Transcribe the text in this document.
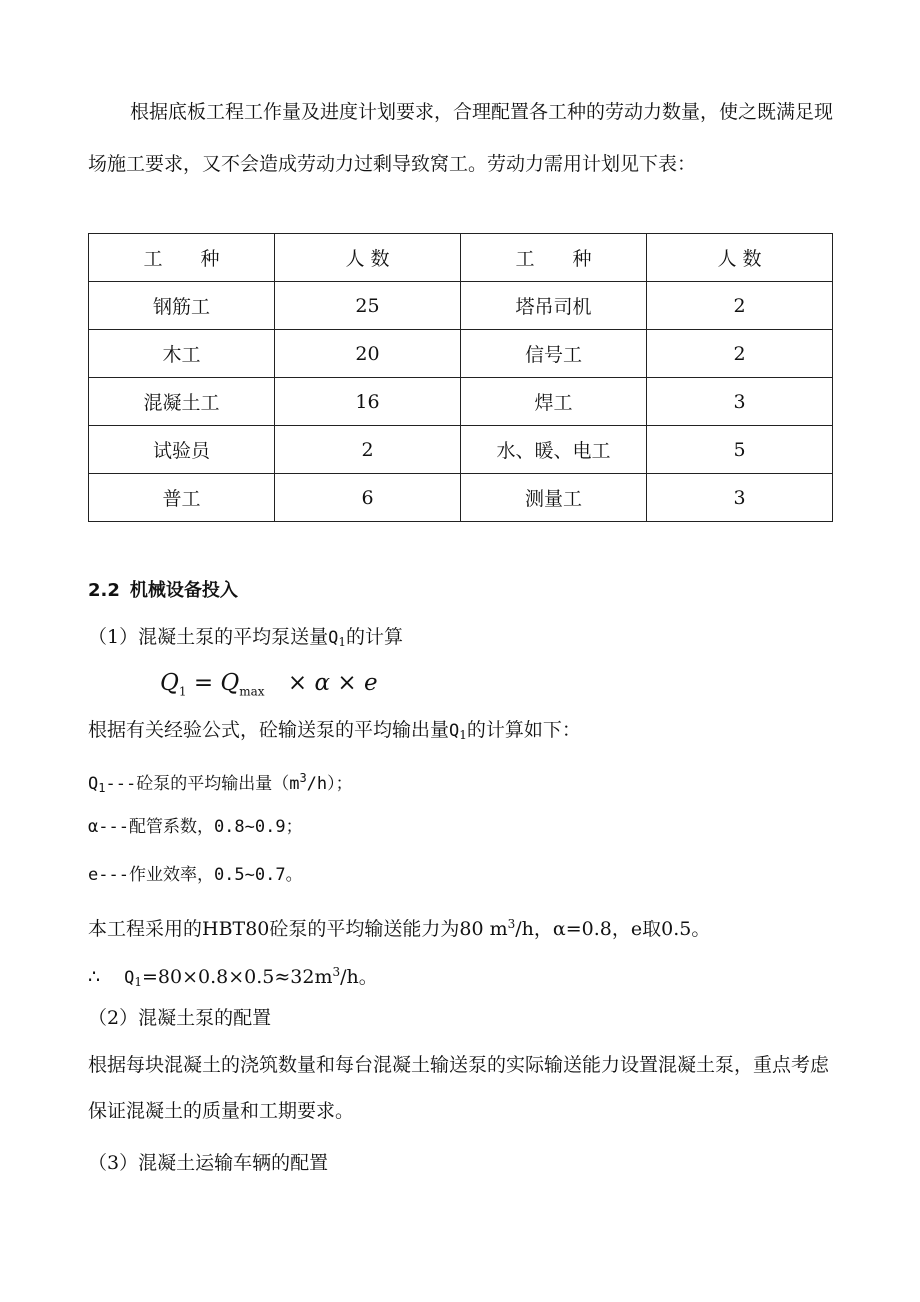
根据底板工程工作量及进度计划要求，合理配置各工种的劳动力数量，使之既满足现场施工要求，又不会造成劳动力过剩导致窝工。劳动力需用计划见下表：
工　　种	人 数	工　　种	人 数
钢筋工	25	塔吊司机	2
木工	20	信号工	2
混凝土工	16	焊工	3
试验员	2	水、暖、电工	5
普工	6	测量工	3
2.2 机械设备投入
（1）混凝土泵的平均泵送量$Q_1$的计算
$Q_1 = Q_{max} \times \alpha \times e$
根据有关经验公式，砼输送泵的平均输出量$Q_1$的计算如下：
$Q_1---$砼泵的平均输出量$(m^3/h)$；
α---配管系数，0.8~0.9；
e---作业效率，0.5~0.7。
本工程采用的HBT80砼泵的平均输送能力为80 $m^3/h$，α=0.8，e取0.5。
∴ $Q_1=80\times 0.8\times 0.5\approx 32m^3/h$。
（2）混凝土泵的配置
根据每块混凝土的浇筑数量和每台混凝土输送泵的实际输送能力设置混凝土泵，重点考虑保证混凝土的质量和工期要求。
（3）混凝土运输车辆的配置
